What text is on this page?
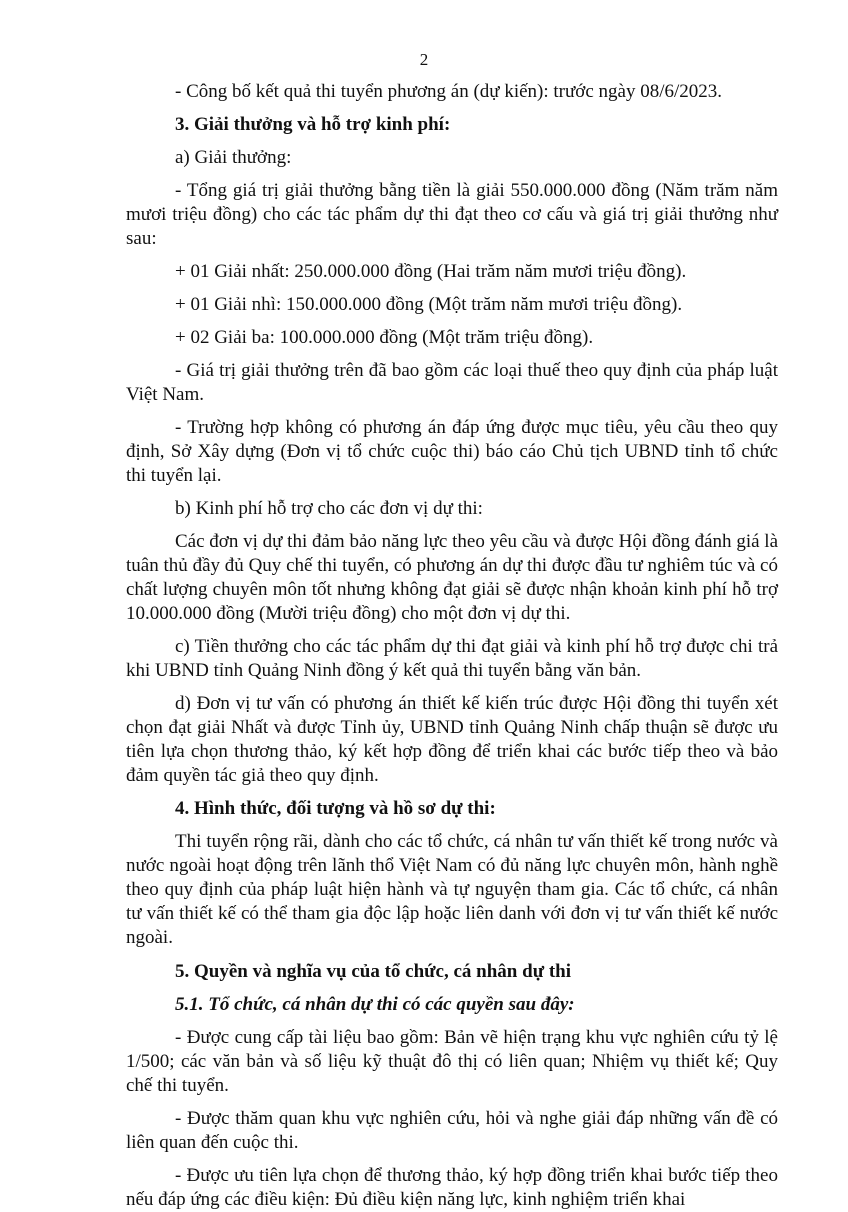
2

- Công bố kết quả thi tuyển phương án (dự kiến): trước ngày 08/6/2023.

3. Giải thưởng và hỗ trợ kinh phí:

a) Giải thưởng:

- Tổng giá trị giải thưởng bằng tiền là giải 550.000.000 đồng (Năm trăm năm mươi triệu đồng) cho các tác phẩm dự thi đạt theo cơ cấu và giá trị giải thưởng như sau:

+ 01 Giải nhất: 250.000.000 đồng (Hai trăm năm mươi triệu đồng).

+ 01 Giải nhì: 150.000.000 đồng (Một trăm năm mươi triệu đồng).

+ 02 Giải ba: 100.000.000 đồng (Một trăm triệu đồng).

- Giá trị giải thưởng trên đã bao gồm các loại thuế theo quy định của pháp luật Việt Nam.

- Trường hợp không có phương án đáp ứng được mục tiêu, yêu cầu theo quy định, Sở Xây dựng (Đơn vị tổ chức cuộc thi) báo cáo Chủ tịch UBND tỉnh tổ chức thi tuyển lại.

b) Kinh phí hỗ trợ cho các đơn vị dự thi:

Các đơn vị dự thi đảm bảo năng lực theo yêu cầu và được Hội đồng đánh giá là tuân thủ đầy đủ Quy chế thi tuyển, có phương án dự thi được đầu tư nghiêm túc và có chất lượng chuyên môn tốt nhưng không đạt giải sẽ được nhận khoản kinh phí hỗ trợ 10.000.000 đồng (Mười triệu đồng) cho một đơn vị dự thi.

c) Tiền thưởng cho các tác phẩm dự thi đạt giải và kinh phí hỗ trợ được chi trả khi UBND tỉnh Quảng Ninh đồng ý kết quả thi tuyển bằng văn bản.

d) Đơn vị tư vấn có phương án thiết kế kiến trúc được Hội đồng thi tuyển xét chọn đạt giải Nhất và được Tỉnh ủy, UBND tỉnh Quảng Ninh chấp thuận sẽ được ưu tiên lựa chọn thương thảo, ký kết hợp đồng để triển khai các bước tiếp theo và bảo đảm quyền tác giả theo quy định.

4. Hình thức, đối tượng và hồ sơ dự thi:

Thi tuyển rộng rãi, dành cho các tổ chức, cá nhân tư vấn thiết kế trong nước và nước ngoài hoạt động trên lãnh thổ Việt Nam có đủ năng lực chuyên môn, hành nghề theo quy định của pháp luật hiện hành và tự nguyện tham gia. Các tổ chức, cá nhân tư vấn thiết kế có thể tham gia độc lập hoặc liên danh với đơn vị tư vấn thiết kế nước ngoài.

5. Quyền và nghĩa vụ của tổ chức, cá nhân dự thi

5.1. Tổ chức, cá nhân dự thi có các quyền sau đây:

- Được cung cấp tài liệu bao gồm: Bản vẽ hiện trạng khu vực nghiên cứu tỷ lệ 1/500; các văn bản và số liệu kỹ thuật đô thị có liên quan; Nhiệm vụ thiết kế; Quy chế thi tuyển.

- Được thăm quan khu vực nghiên cứu, hỏi và nghe giải đáp những vấn đề có liên quan đến cuộc thi.

- Được ưu tiên lựa chọn để thương thảo, ký hợp đồng triển khai bước tiếp theo nếu đáp ứng các điều kiện: Đủ điều kiện năng lực, kinh nghiệm triển khai
